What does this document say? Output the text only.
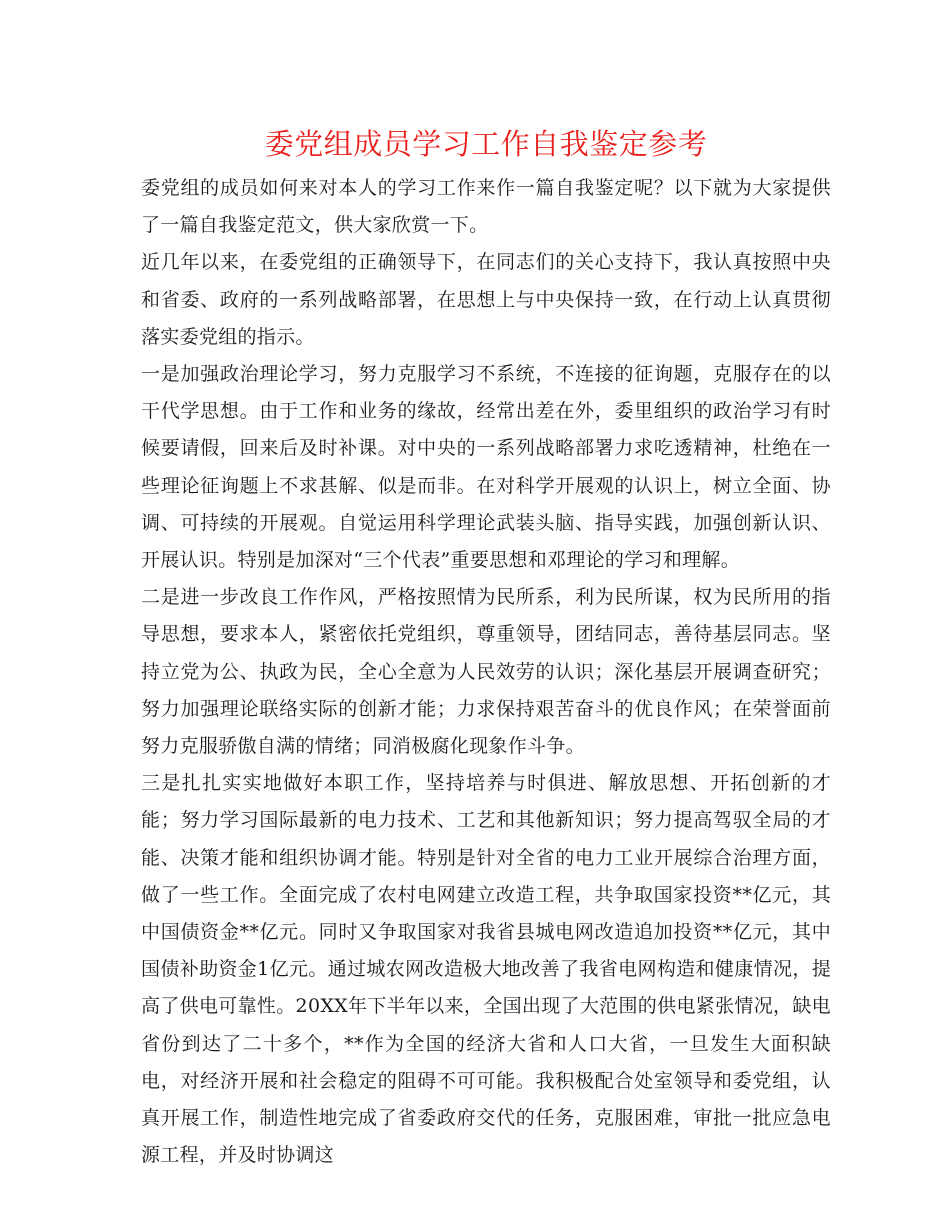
委党组成员学习工作自我鉴定参考

委党组的成员如何来对本人的学习工作来作一篇自我鉴定呢？以下就为大家提供了一篇自我鉴定范文，供大家欣赏一下。

近几年以来，在委党组的正确领导下，在同志们的关心支持下，我认真按照中央和省委、政府的一系列战略部署，在思想上与中央保持一致，在行动上认真贯彻落实委党组的指示。

一是加强政治理论学习，努力克服学习不系统，不连接的征询题，克服存在的以干代学思想。由于工作和业务的缘故，经常出差在外，委里组织的政治学习有时候要请假，回来后及时补课。对中央的一系列战略部署力求吃透精神，杜绝在一些理论征询题上不求甚解、似是而非。在对科学开展观的认识上，树立全面、协调、可持续的开展观。自觉运用科学理论武装头脑、指导实践，加强创新认识、开展认识。特别是加深对“三个代表”重要思想和邓理论的学习和理解。

二是进一步改良工作作风，严格按照情为民所系，利为民所谋，权为民所用的指导思想，要求本人，紧密依托党组织，尊重领导，团结同志，善待基层同志。坚持立党为公、执政为民，全心全意为人民效劳的认识；深化基层开展调查研究；努力加强理论联络实际的创新才能；力求保持艰苦奋斗的优良作风；在荣誉面前努力克服骄傲自满的情绪；同消极腐化现象作斗争。

三是扎扎实实地做好本职工作，坚持培养与时俱进、解放思想、开拓创新的才能；努力学习国际最新的电力技术、工艺和其他新知识；努力提高驾驭全局的才能、决策才能和组织协调才能。特别是针对全省的电力工业开展综合治理方面，做了一些工作。全面完成了农村电网建立改造工程，共争取国家投资**亿元，其中国债资金**亿元。同时又争取国家对我省县城电网改造追加投资**亿元，其中国债补助资金1亿元。通过城农网改造极大地改善了我省电网构造和健康情况，提高了供电可靠性。20XX年下半年以来，全国出现了大范围的供电紧张情况，缺电省份到达了二十多个，**作为全国的经济大省和人口大省，一旦发生大面积缺电，对经济开展和社会稳定的阻碍不可可能。我积极配合处室领导和委党组，认真开展工作，制造性地完成了省委政府交代的任务，克服困难，审批一批应急电源工程，并及时协调这
